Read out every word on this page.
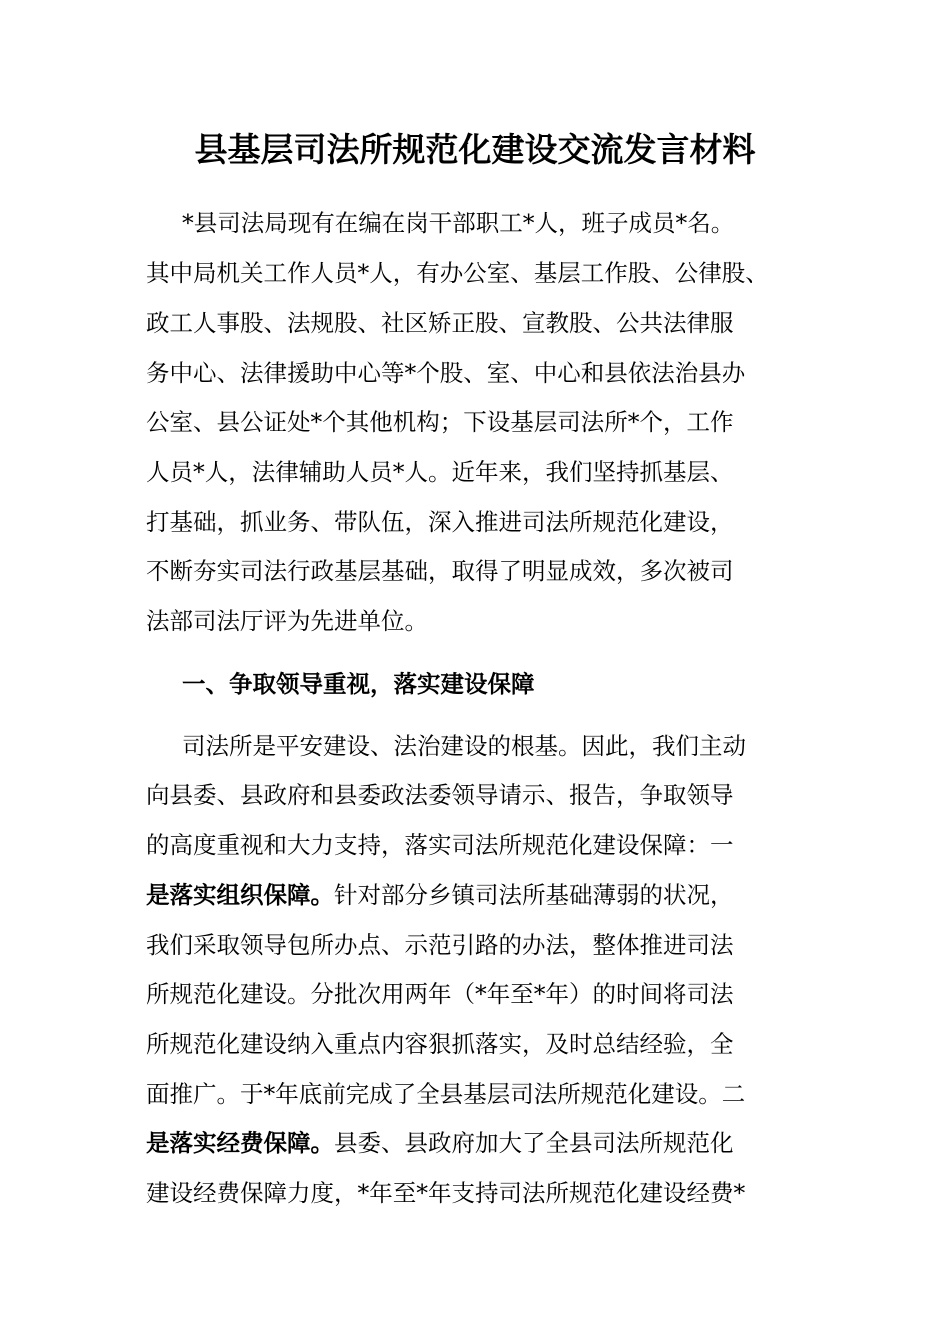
县基层司法所规范化建设交流发言材料

*县司法局现有在编在岗干部职工*人，班子成员*名。

其中局机关工作人员*人，有办公室、基层工作股、公律股、

政工人事股、法规股、社区矫正股、宣教股、公共法律服

务中心、法律援助中心等*个股、室、中心和县依法治县办

公室、县公证处*个其他机构；下设基层司法所*个，工作

人员*人，法律辅助人员*人。近年来，我们坚持抓基层、

打基础，抓业务、带队伍，深入推进司法所规范化建设，

不断夯实司法行政基层基础，取得了明显成效，多次被司

法部司法厅评为先进单位。

一、争取领导重视，落实建设保障

司法所是平安建设、法治建设的根基。因此，我们主动

向县委、县政府和县委政法委领导请示、报告，争取领导

的高度重视和大力支持，落实司法所规范化建设保障：一

是落实组织保障。针对部分乡镇司法所基础薄弱的状况，

我们采取领导包所办点、示范引路的办法，整体推进司法

所规范化建设。分批次用两年（*年至*年）的时间将司法

所规范化建设纳入重点内容狠抓落实，及时总结经验，全

面推广。于*年底前完成了全县基层司法所规范化建设。二

是落实经费保障。县委、县政府加大了全县司法所规范化

建设经费保障力度，*年至*年支持司法所规范化建设经费*
